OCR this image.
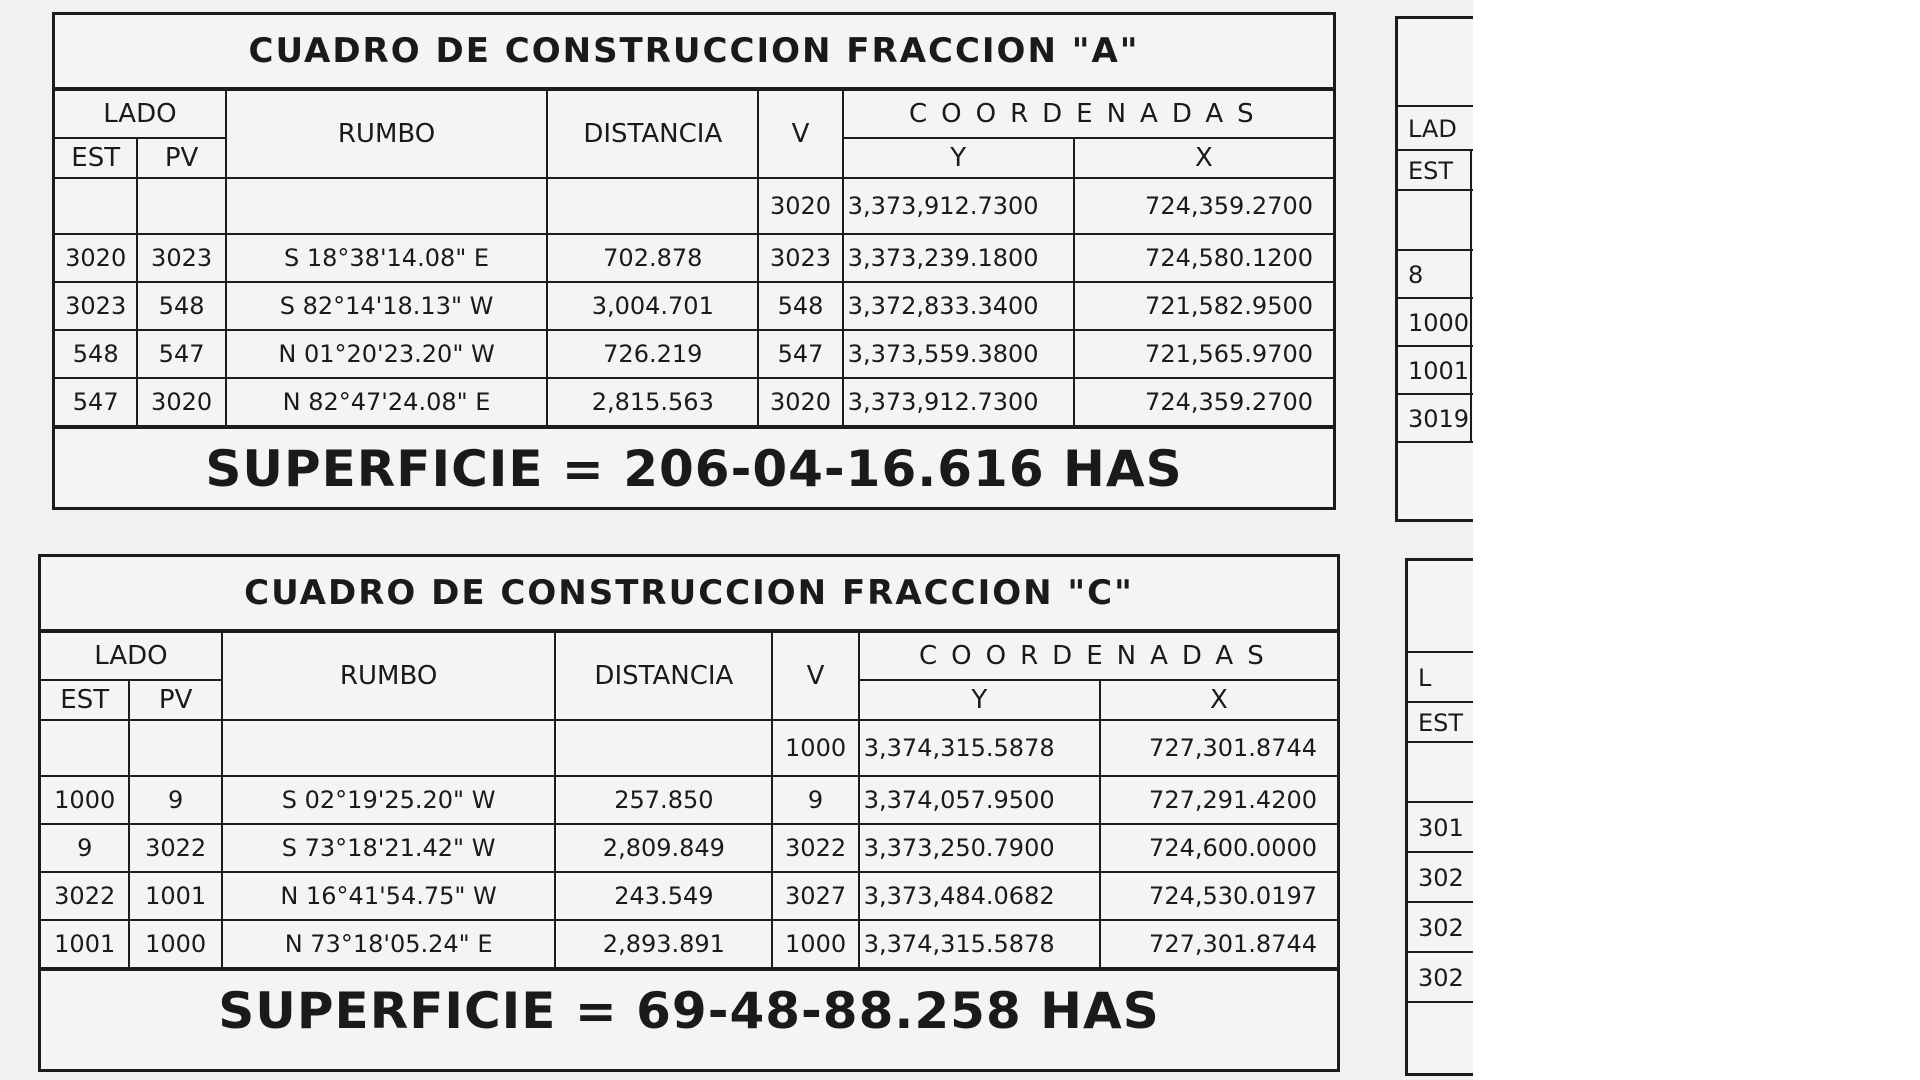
CUADRO DE CONSTRUCCION FRACCION "A"
LADO		RUMBO	DISTANCIA	V	COORDENADAS	
EST	PV				Y	X
				3020	3,373,912.7300	724,359.2700
3020	3023	S 18°38'14.08" E	702.878	3023	3,373,239.1800	724,580.1200
3023	548	S 82°14'18.13" W	3,004.701	548	3,372,833.3400	721,582.9500
548	547	N 01°20'23.20" W	726.219	547	3,373,559.3800	721,565.9700
547	3020	N 82°47'24.08" E	2,815.563	3020	3,373,912.7300	724,359.2700
SUPERFICIE = 206-04-16.616 HAS
CUADRO DE CONSTRUCCION FRACCION "C"
LADO		RUMBO	DISTANCIA	V	COORDENADAS	
EST	PV				Y	X
				1000	3,374,315.5878	727,301.8744
1000	9	S 02°19'25.20" W	257.850	9	3,374,057.9500	727,291.4200
9	3022	S 73°18'21.42" W	2,809.849	3022	3,373,250.7900	724,600.0000
3022	1001	N 16°41'54.75" W	243.549	3027	3,373,484.0682	724,530.0197
1001	1000	N 73°18'05.24" E	2,893.891	1000	3,374,315.5878	727,301.8744
SUPERFICIE = 69-48-88.258 HAS
LAD
EST
8
1000
1001
3019
L
EST
301
302
302
302
